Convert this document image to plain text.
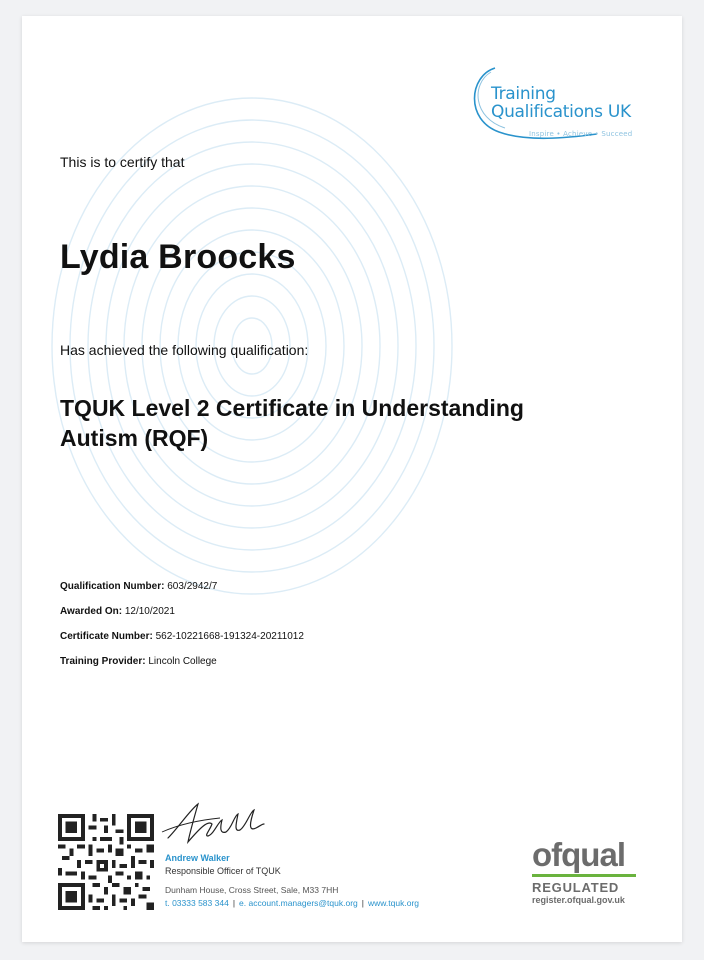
Training
Qualifications UK
Inspire • Achieve • Succeed
This is to certify that
Lydia Broocks
Has achieved the following qualification:
TQUK Level 2 Certificate in Understanding Autism (RQF)
Qualification Number: 603/2942/7
Awarded On: 12/10/2021
Certificate Number: 562-10221668-191324-20211012
Training Provider: Lincoln College
Andrew Walker
Responsible Officer of TQUK
Dunham House, Cross Street, Sale, M33 7HH
t. 03333 583 344 | e. account.managers@tquk.org | www.tquk.org
ofqual
REGULATED
register.ofqual.gov.uk
